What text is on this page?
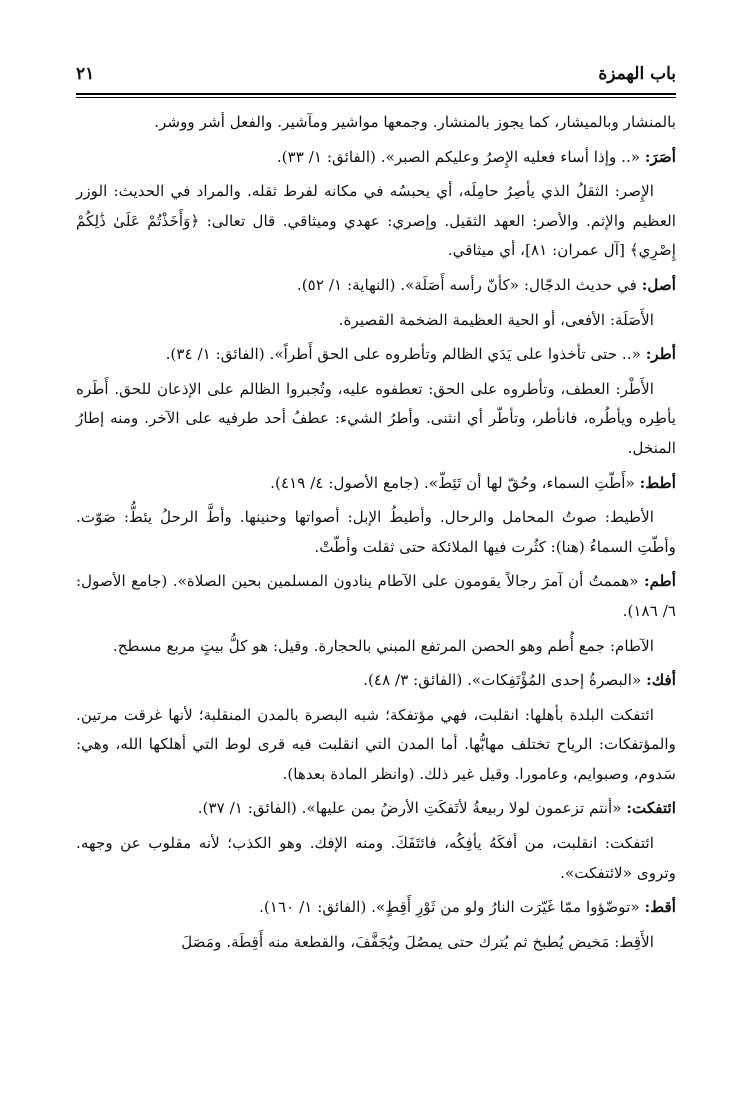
باب الهمزة
٢١

بالمنشار وبالميشار، كما يجوز بالمنشار. وجمعها مواشير ومآشير. والفعل أشر ووشر.

أصَرَ: «.. وإذا أساء فعليه الإِصرُ وعليكم الصبر». (الفائق: ١/ ٣٣).

الإِصر: الثقلُ الذي يأصِرُ حامِلَه، أي يحبسُه في مكانه لفرط ثقله. والمراد في الحديث: الوزر العظيم والإثم. والأصر: العهد الثقيل. وإصري: عهدي وميثاقي. قال تعالى: ﴿وَأَخَذْتُمْ عَلَىٰ ذَٰلِكُمْ إِصْرِي﴾ [آل عمران: ٨١]، أي ميثاقي.

أصل: في حديث الدجّال: «كأنّ رأسه أَصَلَة». (النهاية: ١/ ٥٢).

الأَصَلَة: الأفعى، أو الحية العظيمة الضخمة القصيرة.

أطر: «.. حتى تأخذوا على يَدَي الظالم وتأطروه على الحق أَطراً». (الفائق: ١/ ٣٤).

الأَطْر: العطف، وتأطروه على الحق: تعطفوه عليه، وتُجبروا الظالم على الإذعان للحق. أَطَره يأطِره ويأطُره، فانأطر، وتأطّر أي انثنى. وأطرُ الشيء: عطفُ أحد طرفيه على الآخر. ومنه إطارُ المنخل.

أطط: «أَطّتِ السماء، وحُقّ لها أن تَئِطّ». (جامع الأصول: ٤/ ٤١٩).

الأطيط: صوتُ المحامل والرحال. وأطيطُ الإبل: أصواتها وحنينها. وأطَّ الرحلُ يئطُّ: صَوّت. وأطّتِ السماءُ (هنا): كثُرت فيها الملائكة حتى ثقلت وأطّتْ.

أطم: «هممتُ أن آمرَ رجالاً يقومون على الآطام ينادون المسلمين بحين الصلاة». (جامع الأصول: ٦/ ١٨٦).

الآطام: جمع أُطم وهو الحصن المرتفع المبني بالحجارة. وقيل: هو كلُّ بيتٍ مربع مسطح.

أفك: «البصرةُ إحدى المُؤْتَفِكات». (الفائق: ٣/ ٤٨).

ائتفكت البلدة بأهلها: انقلبت، فهي مؤتفكة؛ شبه البصرة بالمدن المنقلبة؛ لأنها غرقت مرتين. والمؤتفكات: الرياح تختلف مهابُّها. أما المدن التي انقلبت فيه قرى لوط التي أهلكها الله، وهي: سَدوم، وصبوايم، وعامورا. وقيل غير ذلك. (وانظر المادة بعدها).

ائتفكت: «أنتم تزعمون لولا ربيعةُ لأتَفكَتِ الأرضُ بمن عليها». (الفائق: ١/ ٣٧).

ائتفكت: انقلبت، من أفكَهُ يأفِكُه، فائتَفَكَ. ومنه الإفك. وهو الكذب؛ لأنه مقلوب عن وجهه. وتروى «لائتفكت».

أقط: «توضّؤوا ممّا غَيّرَت النارُ ولو من ثَوْرِ أَقِطٍ». (الفائق: ١/ ١٦٠).

الأَقِط: مَخيض يُطبخ ثم يُترك حتى يمصُلَ ويُجَفَّفَ، والقطعة منه أَقِطَة. ومَصَلَ
